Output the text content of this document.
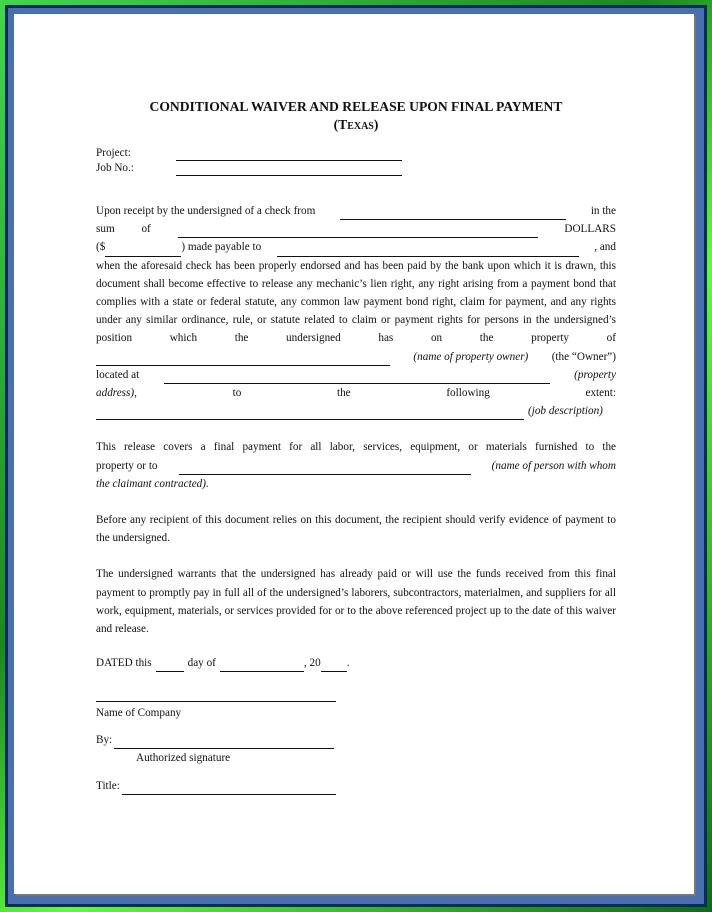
CONDITIONAL WAIVER AND RELEASE UPON FINAL PAYMENT
(Texas)
Project:
Job No.:
Upon receipt by the undersigned of a check from	in the
sum of	DOLLARS
($	) made payable to	, and

when the aforesaid check has been properly endorsed and has been paid by the bank upon which it is drawn, this document shall become effective to release any mechanic’s lien right, any right arising from a payment bond that complies with a state or federal statute, any common law payment bond right, claim for payment, and any rights under any similar ordinance, rule, or statute related to claim or payment rights for persons in the undersigned’s position which the undersigned has on the property of

(name of property owner) (the “Owner”)
located at	(property
address),	to	the	following	extent:
(job description)

This release covers a final payment for all labor, services, equipment, or materials furnished to the

property or to	(name of person with whom
the claimant contracted).

Before any recipient of this document relies on this document, the recipient should verify evidence of payment to the undersigned.

The undersigned warrants that the undersigned has already paid or will use the funds received from this final payment to promptly pay in full all of the undersigned’s laborers, subcontractors, materialmen, and suppliers for all work, equipment, materials, or services provided for or to the above referenced project up to the date of this waiver and release.

DATED this	day of	, 20 .
Name of Company
By:
Authorized signature
Title:
